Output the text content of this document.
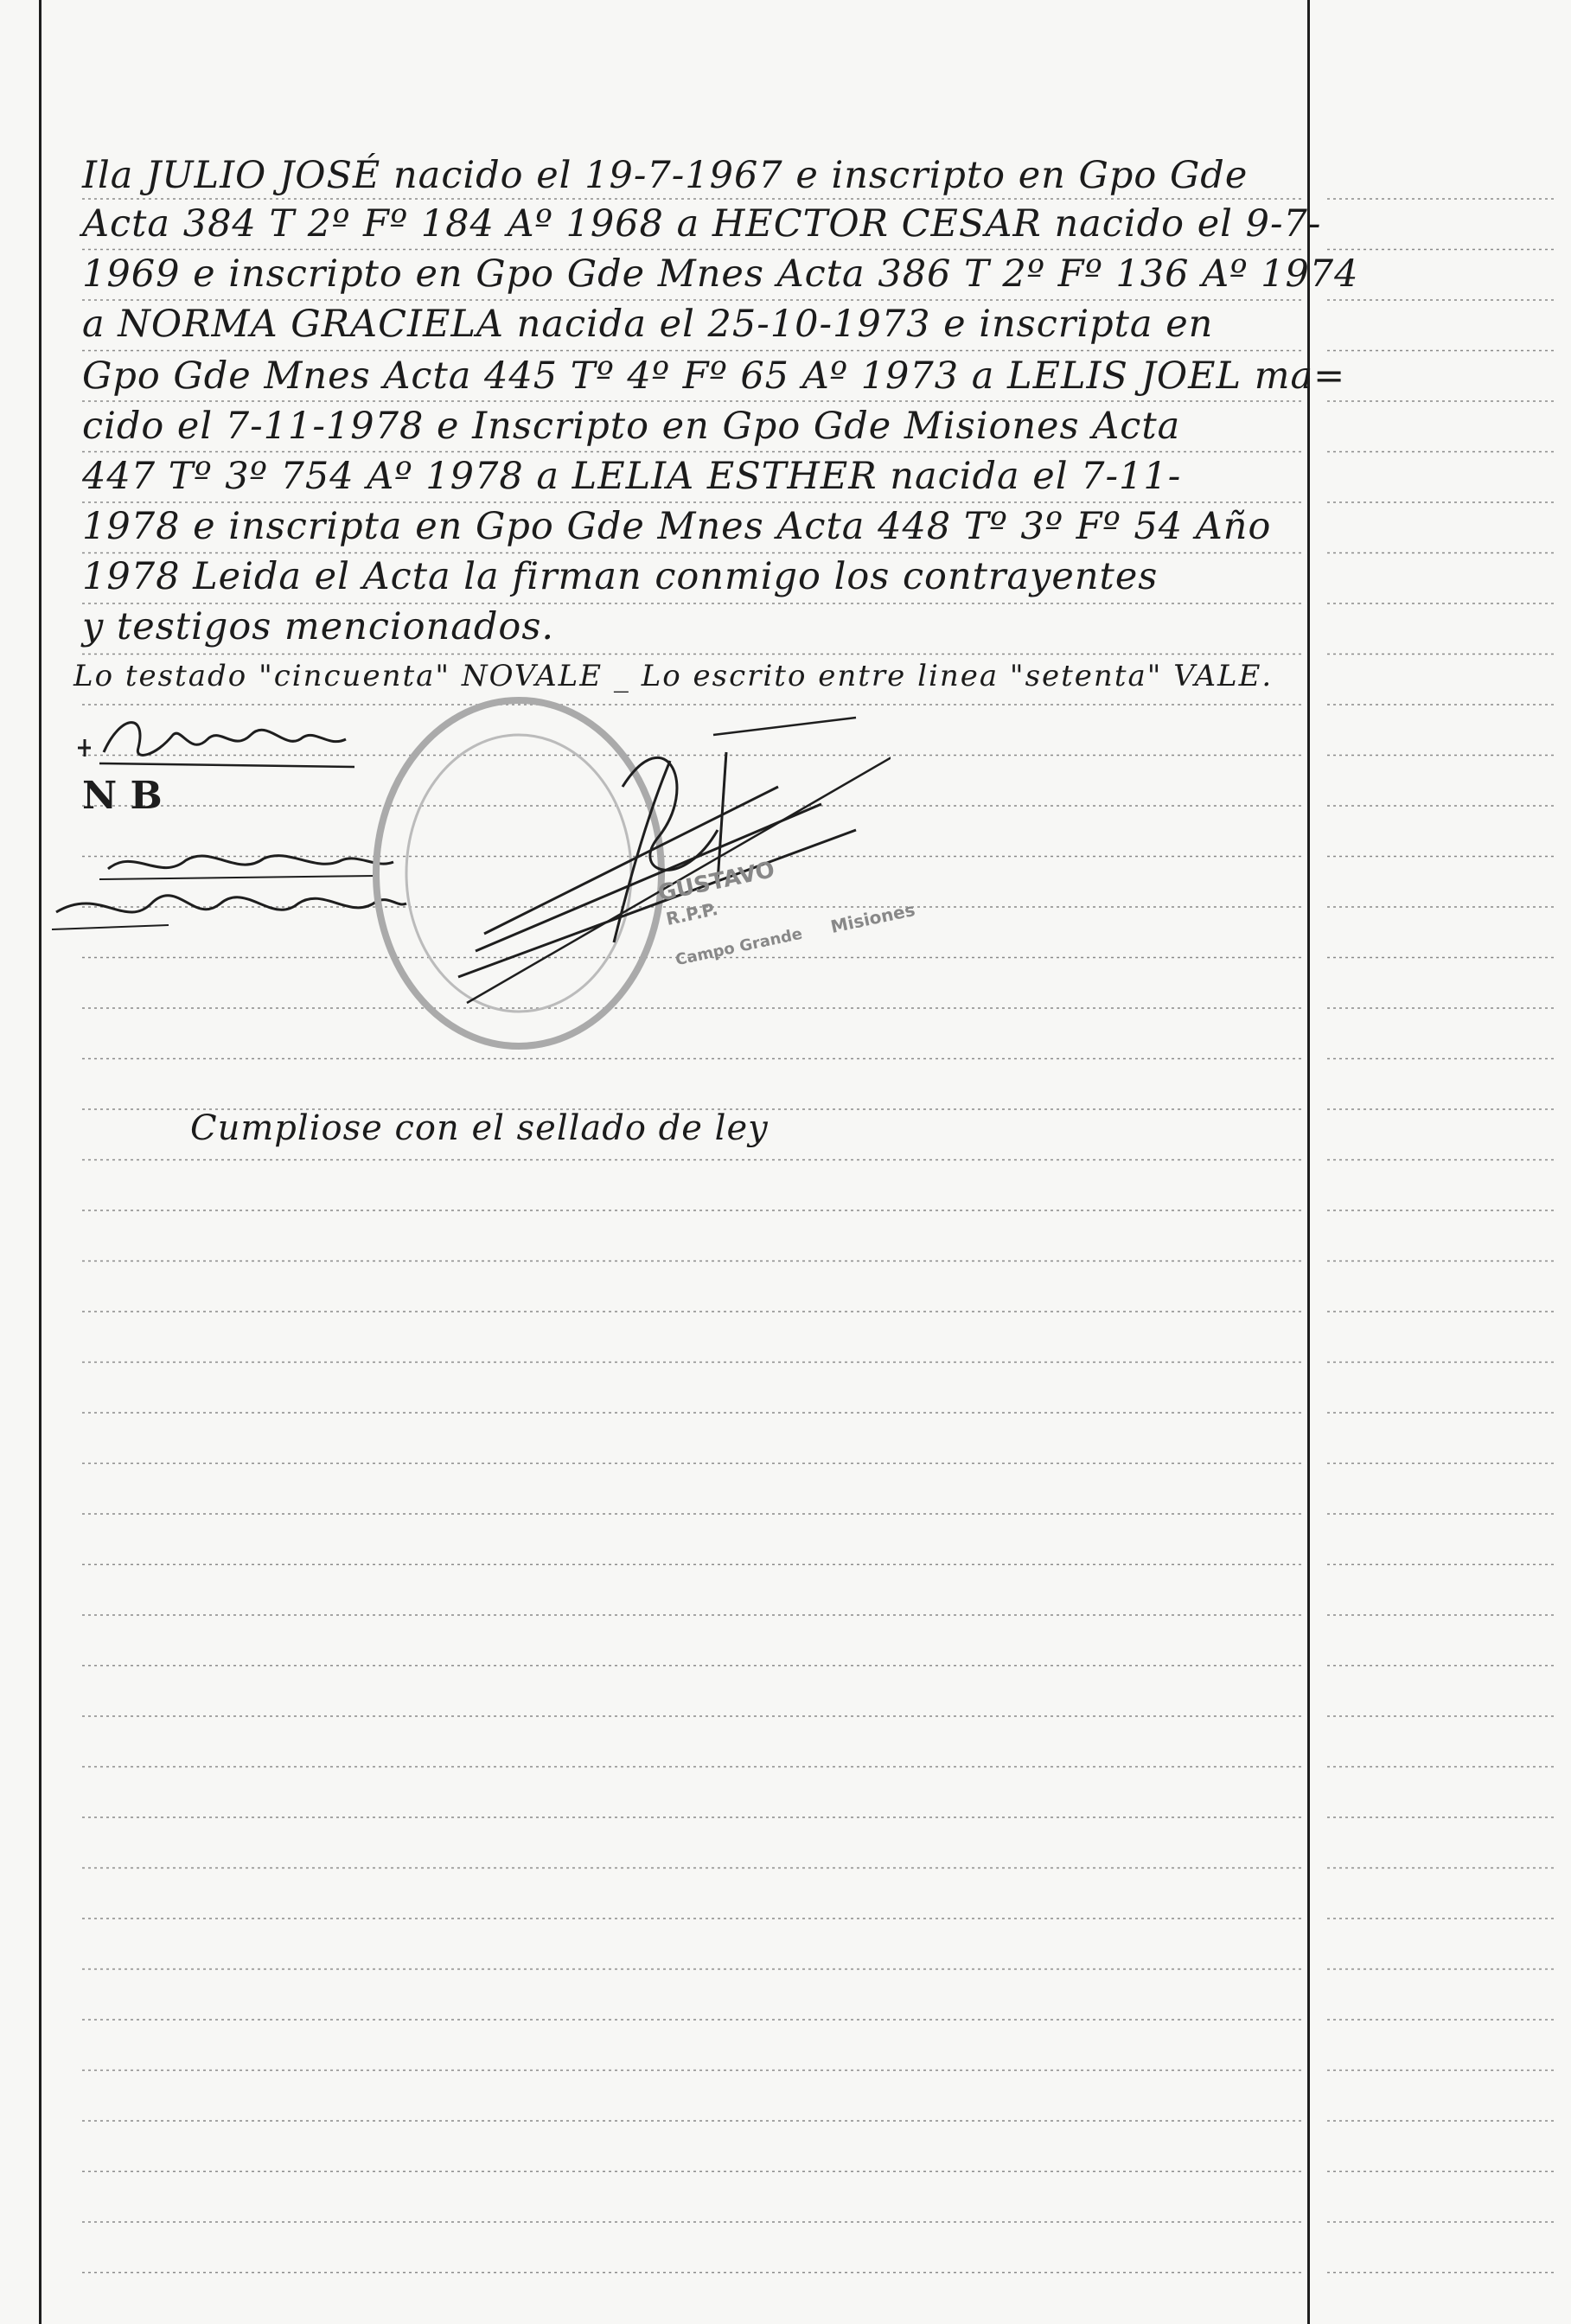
Ila JULIO JOSÉ nacido el 19-7-1967 e inscripto en Gpo Gde
Acta 384 T 2º Fº 184 Aº 1968 a HECTOR CESAR nacido el 9-7-
1969 e inscripto en Gpo Gde Mnes Acta 386 T 2º Fº 136 Aº 1974
a NORMA GRACIELA nacida el 25-10-1973 e inscripta en
Gpo Gde Mnes Acta 445 Tº 4º Fº 65 Aº 1973 a LELIS JOEL ma=
cido el 7-11-1978 e Inscripto en Gpo Gde Misiones Acta
447 Tº 3º 754 Aº 1978 a LELIA ESTHER nacida el 7-11-
1978 e inscripta en Gpo Gde Mnes Acta 448 Tº 3º Fº 54 Año
1978 Leida el Acta la firman conmigo los contrayentes
y testigos mencionados.
Lo testado "cincuenta" NOVALE _ Lo escrito entre linea "setenta" VALE.
N B
GUSTAVO
R.P.P.	Misiones
Campo Grande
Cumpliose con el sellado de ley
